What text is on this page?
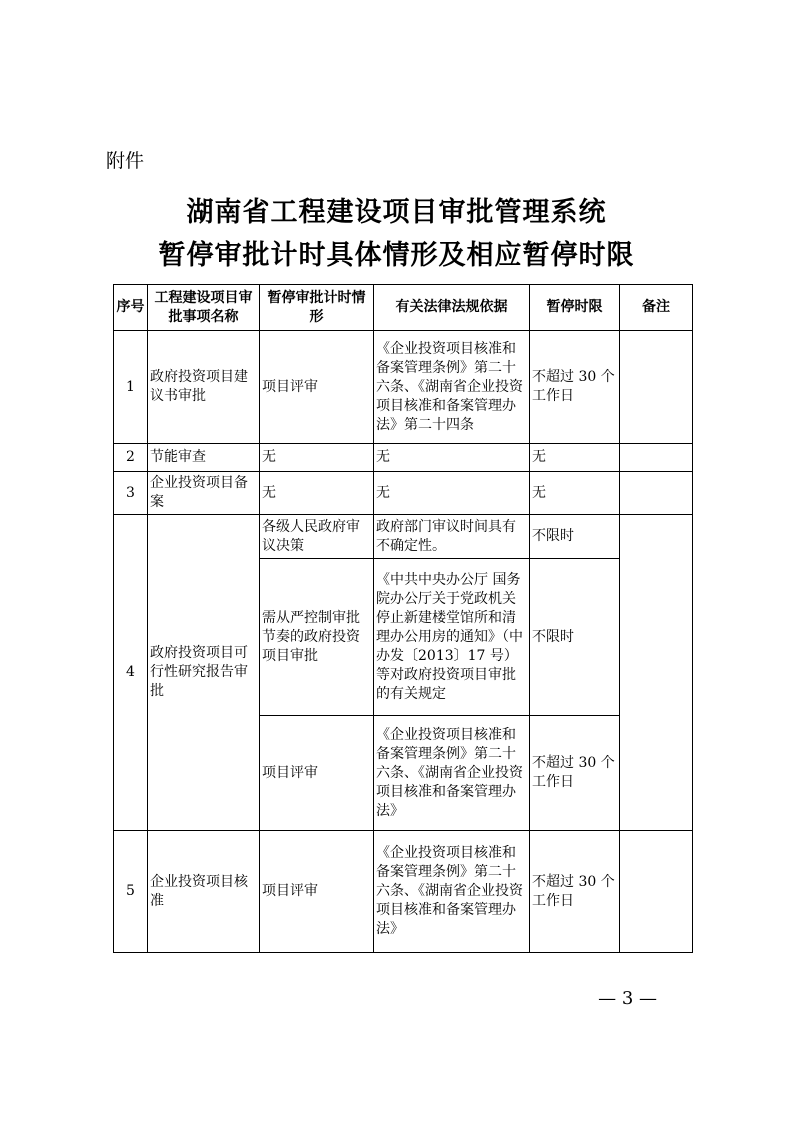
附件
湖南省工程建设项目审批管理系统
暂停审批计时具体情形及相应暂停时限
序号	工程建设项目审批事项名称	暂停审批计时情形	有关法律法规依据	暂停时限	备注
1	政府投资项目建议书审批	项目评审	《企业投资项目核准和备案管理条例》第二十六条、《湖南省企业投资项目核准和备案管理办法》第二十四条	不超过 30 个工作日	
2	节能审查	无	无	无	
3	企业投资项目备案	无	无	无	
4	政府投资项目可行性研究报告审批	各级人民政府审议决策	政府部门审议时间具有不确定性。	不限时	
		需从严控制审批节奏的政府投资项目审批	《中共中央办公厅 国务院办公厅关于党政机关停止新建楼堂馆所和清理办公用房的通知》（中办发〔2013〕17 号）等对政府投资项目审批的有关规定	不限时	
		项目评审	《企业投资项目核准和备案管理条例》第二十六条、《湖南省企业投资项目核准和备案管理办法》	不超过 30 个工作日	
5	企业投资项目核准	项目评审	《企业投资项目核准和备案管理条例》第二十六条、《湖南省企业投资项目核准和备案管理办法》	不超过 30 个工作日	
— 3 —
